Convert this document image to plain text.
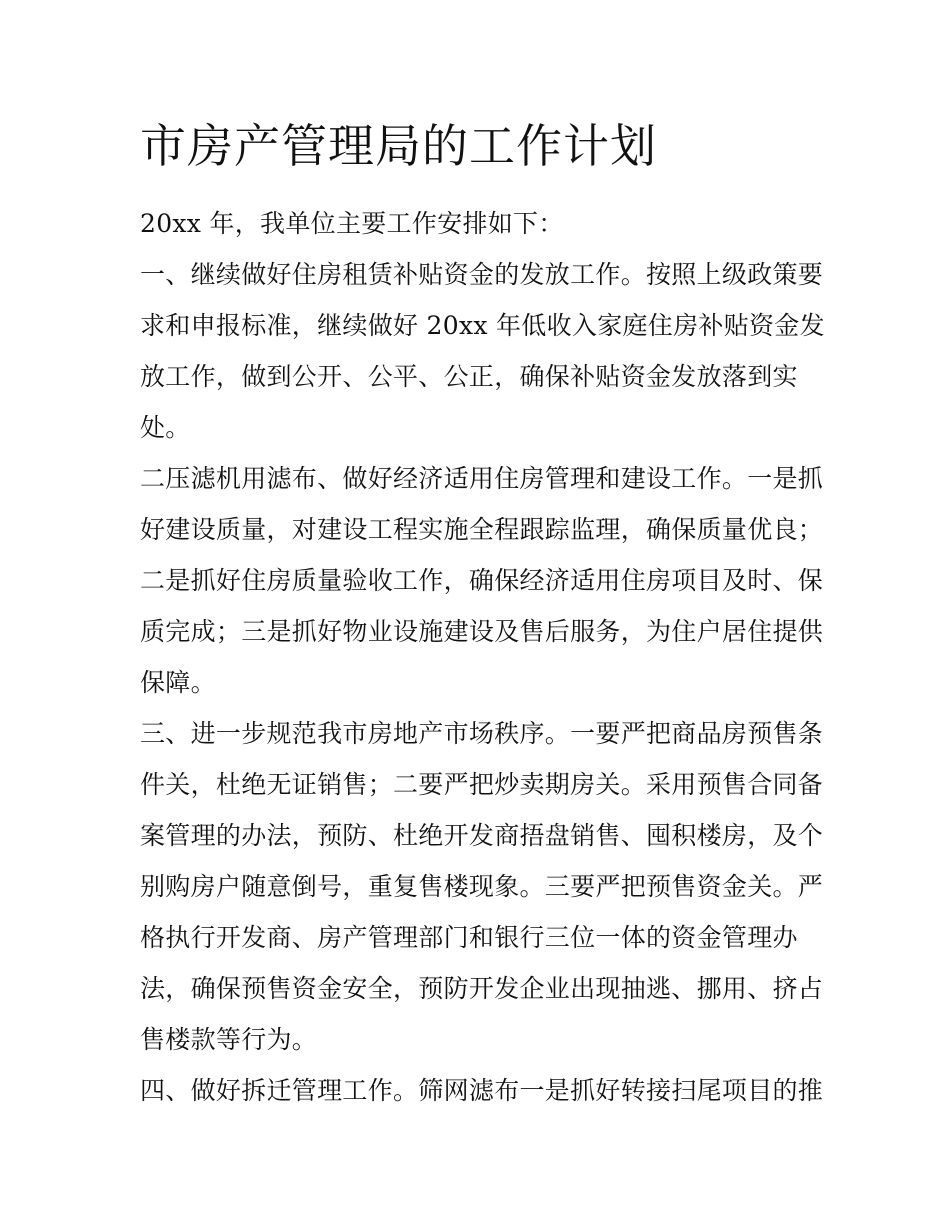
市房产管理局的工作计划
20xx 年，我单位主要工作安排如下：
一、继续做好住房租赁补贴资金的发放工作。按照上级政策要
求和申报标准，继续做好 20xx 年低收入家庭住房补贴资金发
放工作，做到公开、公平、公正，确保补贴资金发放落到实
处。
二压滤机用滤布、做好经济适用住房管理和建设工作。一是抓
好建设质量，对建设工程实施全程跟踪监理，确保质量优良；
二是抓好住房质量验收工作，确保经济适用住房项目及时、保
质完成；三是抓好物业设施建设及售后服务，为住户居住提供
保障。
三、进一步规范我市房地产市场秩序。一要严把商品房预售条
件关，杜绝无证销售；二要严把炒卖期房关。采用预售合同备
案管理的办法，预防、杜绝开发商捂盘销售、囤积楼房，及个
别购房户随意倒号，重复售楼现象。三要严把预售资金关。严
格执行开发商、房产管理部门和银行三位一体的资金管理办
法，确保预售资金安全，预防开发企业出现抽逃、挪用、挤占
售楼款等行为。
四、做好拆迁管理工作。筛网滤布一是抓好转接扫尾项目的推
